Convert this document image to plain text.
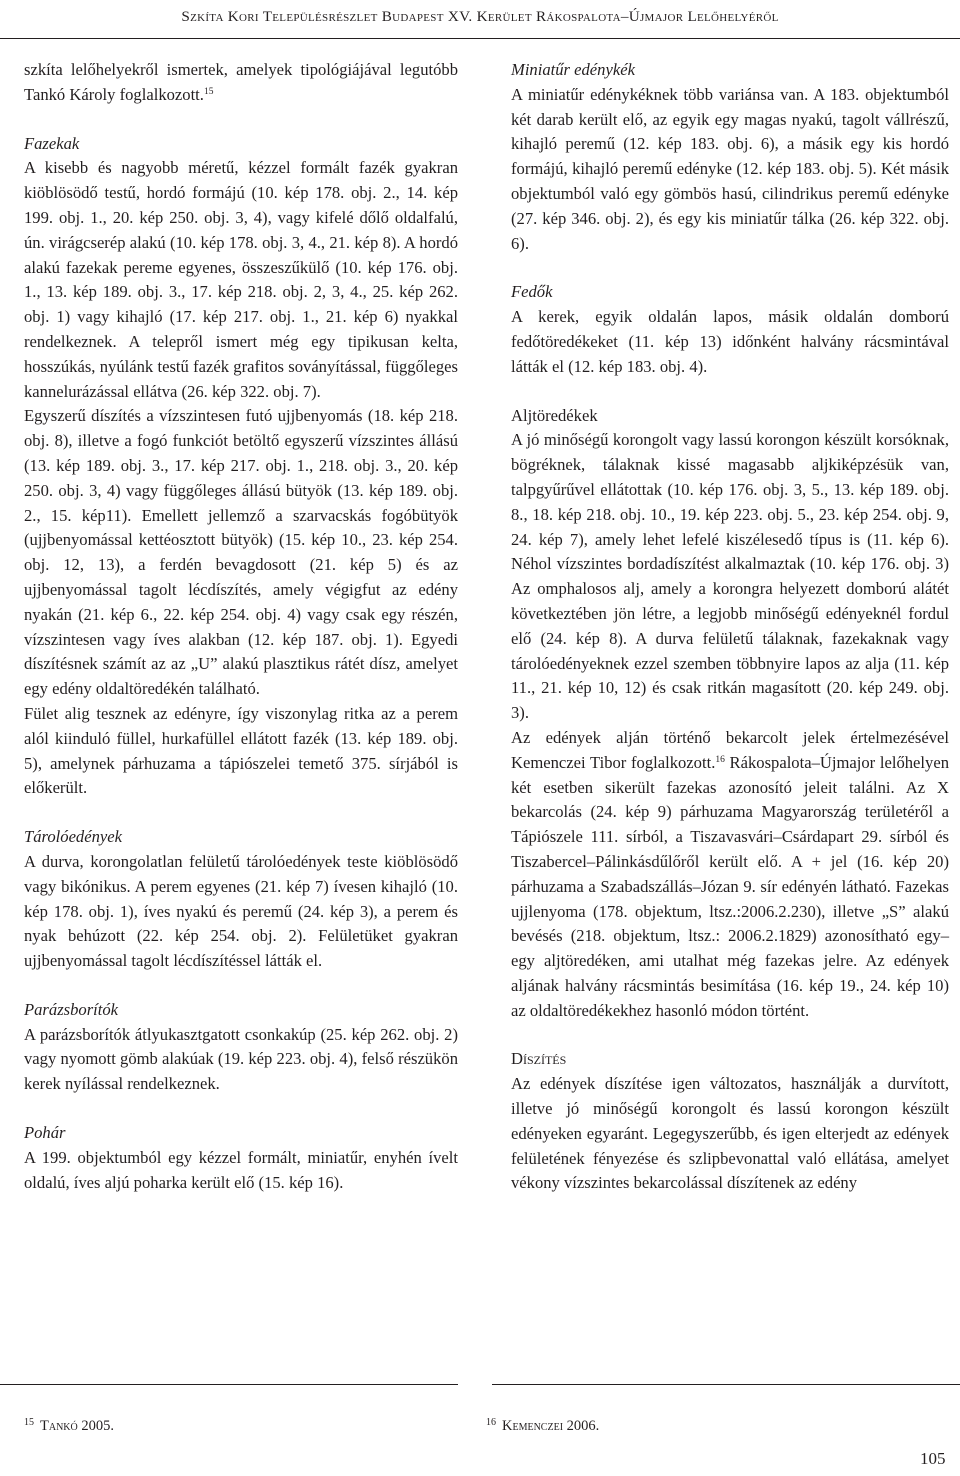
Szkíta Kori Településrészlet Budapest XV. Kerület Rákospalota–Újmajor Lelőhelyéről

szkíta lelőhelyekről ismertek, amelyek tipológiájával legutóbb Tankó Károly foglalkozott.$^{15}$

Fazekak

A kisebb és nagyobb méretű, kézzel formált fazék gyakran kiöblösödő testű, hordó formájú (10. kép 178. obj. 2., 14. kép 199. obj. 1., 20. kép 250. obj. 3, 4), vagy kifelé dőlő oldalfalú, ún. virágcserép alakú (10. kép 178. obj. 3, 4., 21. kép 8). A hordó alakú fazekak pereme egyenes, összeszűkülő (10. kép 176. obj. 1., 13. kép 189. obj. 3., 17. kép 218. obj. 2, 3, 4., 25. kép 262. obj. 1) vagy kihajló (17. kép 217. obj. 1., 21. kép 6) nyakkal rendelkeznek. A telepről ismert még egy tipikusan kelta, hosszúkás, nyúlánk testű fazék grafitos soványítással, függőleges kannelurázással ellátva (26. kép 322. obj. 7).

Egyszerű díszítés a vízszintesen futó ujjbenyomás (18. kép 218. obj. 8), illetve a fogó funkciót betöltő egyszerű vízszintes állású (13. kép 189. obj. 3., 17. kép 217. obj. 1., 218. obj. 3., 20. kép 250. obj. 3, 4) vagy függőleges állású bütyök (13. kép 189. obj. 2., 15. kép11). Emellett jellemző a szarvacskás fogóbütyök (ujjbenyomással kettéosztott bütyök) (15. kép 10., 23. kép 254. obj. 12, 13), a ferdén bevagdosott (21. kép 5) és az ujjbenyomással tagolt lécdíszítés, amely végigfut az edény nyakán (21. kép 6., 22. kép 254. obj. 4) vagy csak egy részén, vízszintesen vagy íves alakban (12. kép 187. obj. 1). Egyedi díszítésnek számít az az „U” alakú plasztikus rátét dísz, amelyet egy edény oldaltöredékén található.

Fület alig tesznek az edényre, így viszonylag ritka az a perem alól kiinduló füllel, hurkafüllel ellátott fazék (13. kép 189. obj. 5), amelynek párhuzama a tápiószelei temető 375. sírjából is előkerült.

Tárolóedények

A durva, korongolatlan felületű tárolóedények teste kiöblösödő vagy bikónikus. A perem egyenes (21. kép 7) ívesen kihajló (10. kép 178. obj. 1), íves nyakú és peremű (24. kép 3), a perem és nyak behúzott (22. kép 254. obj. 2). Felületüket gyakran ujjbenyomással tagolt lécdíszítéssel látták el.

Parázsborítók

A parázsborítók átlyukasztgatott csonkakúp (25. kép 262. obj. 2) vagy nyomott gömb alakúak (19. kép 223. obj. 4), felső részükön kerek nyílással rendelkeznek.

Pohár

A 199. objektumból egy kézzel formált, miniatűr, enyhén ívelt oldalú, íves aljú poharka került elő (15. kép 16).

Miniatűr edénykék

A miniatűr edénykéknek több variánsa van. A 183. objektumból két darab került elő, az egyik egy magas nyakú, tagolt vállrészű, kihajló peremű (12. kép 183. obj. 6), a másik egy kis hordó formájú, kihajló peremű edényke (12. kép 183. obj. 5). Két másik objektumból való egy gömbös hasú, cilindrikus peremű edényke (27. kép 346. obj. 2), és egy kis miniatűr tálka (26. kép 322. obj. 6).

Fedők

A kerek, egyik oldalán lapos, másik oldalán domború fedőtöredékeket (11. kép 13) időnként halvány rácsmintával látták el (12. kép 183. obj. 4).

Aljtöredékek

A jó minőségű korongolt vagy lassú korongon készült korsóknak, bögréknek, tálaknak kissé magasabb aljkiképzésük van, talpgyűrűvel ellátottak (10. kép 176. obj. 3, 5., 13. kép 189. obj. 8., 18. kép 218. obj. 10., 19. kép 223. obj. 5., 23. kép 254. obj. 9, 24. kép 7), amely lehet lefelé kiszélesedő típus is (11. kép 6). Néhol vízszintes bordadíszítést alkalmaztak (10. kép 176. obj. 3) Az omphalosos alj, amely a korongra helyezett domború alátét következtében jön létre, a legjobb minőségű edényeknél fordul elő (24. kép 8). A durva felületű tálaknak, fazekaknak vagy tárolóedényeknek ezzel szemben többnyire lapos az alja (11. kép 11., 21. kép 10, 12) és csak ritkán magasított (20. kép 249. obj. 3).

Az edények alján történő bekarcolt jelek értelmezésével Kemenczei Tibor foglalkozott.$^{16}$ Rákospalota–Újmajor lelőhelyen két esetben sikerült fazekas azonosító jeleit találni. Az X bekarcolás (24. kép 9) párhuzama Magyarország területéről a Tápiószele 111. sírból, a Tiszavasvári–Csárdapart 29. sírból és Tiszabercel–Pálinkásdűlőről került elő. A + jel (16. kép 20) párhuzama a Szabadszállás–Józan 9. sír edényén látható. Fazekas ujjlenyoma (178. objektum, ltsz.:2006.2.230), illetve „S” alakú bevésés (218. objektum, ltsz.: 2006.2.1829) azonosítható egy–egy aljtöredéken, ami utalhat még fazekas jelre. Az edények aljának halvány rácsmintás besimítása (16. kép 19., 24. kép 10) az oldaltöredékekhez hasonló módon történt.

Díszítés

Az edények díszítése igen változatos, használják a durvított, illetve jó minőségű korongolt és lassú korongon készült edényeken egyaránt. Legegyszerűbb, és igen elterjedt az edények felületének fényezése és szlipbevonattal való ellátása, amelyet vékony vízszintes bekarcolással díszítenek az edény

$^{15}$ Tankó 2005.	$^{16}$ Kemenczei 2006.
105
